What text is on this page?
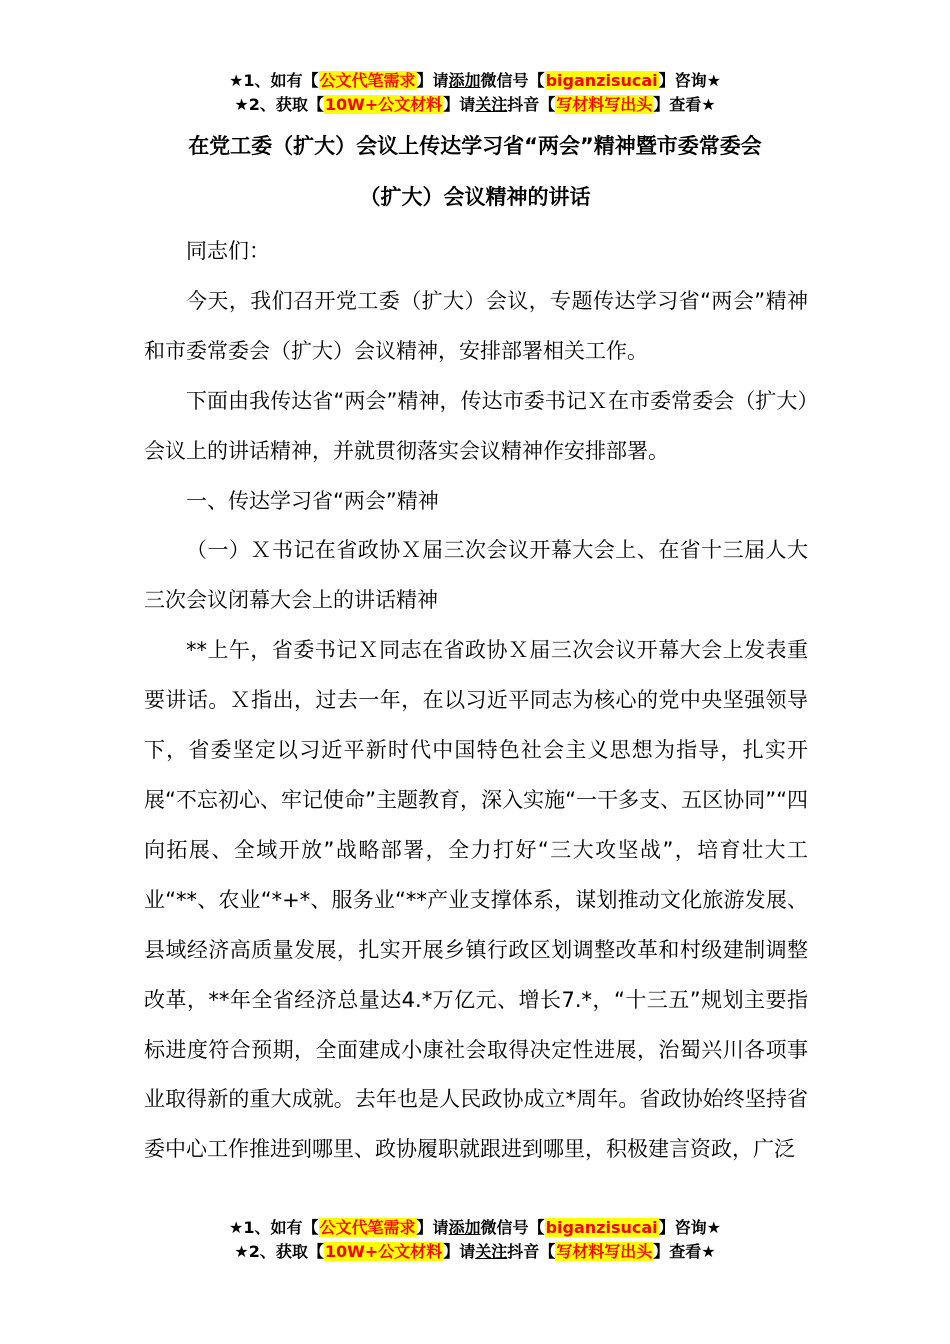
★1、如有【公文代笔需求】请添加微信号【biganzisucai】咨询★
★2、获取【10W+公文材料】请关注抖音【写材料写出头】查看★
在党工委（扩大）会议上传达学习省“两会”精神暨市委常委会
（扩大）会议精神的讲话

同志们：

今天，我们召开党工委（扩大）会议，专题传达学习省“两会”精神和市委常委会（扩大）会议精神，安排部署相关工作。

下面由我传达省“两会”精神，传达市委书记Ｘ在市委常委会（扩大）会议上的讲话精神，并就贯彻落实会议精神作安排部署。

一、传达学习省“两会”精神

（一）Ｘ书记在省政协Ｘ届三次会议开幕大会上、在省十三届人大三次会议闭幕大会上的讲话精神

**上午，省委书记Ｘ同志在省政协Ｘ届三次会议开幕大会上发表重要讲话。Ｘ指出，过去一年，在以习近平同志为核心的党中央坚强领导下，省委坚定以习近平新时代中国特色社会主义思想为指导，扎实开展“不忘初心、牢记使命”主题教育，深入实施“一干多支、五区协同”“四向拓展、全域开放”战略部署，全力打好“三大攻坚战”，培育壮大工业“**、农业“*+*、服务业“**产业支撑体系，谋划推动文化旅游发展、县域经济高质量发展，扎实开展乡镇行政区划调整改革和村级建制调整改革，**年全省经济总量达4.*万亿元、增长7.*，“十三五”规划主要指标进度符合预期，全面建成小康社会取得决定性进展，治蜀兴川各项事业取得新的重大成就。去年也是人民政协成立*周年。省政协始终坚持省委中心工作推进到哪里、政协履职就跟进到哪里，积极建言资政，广泛

★1、如有【公文代笔需求】请添加微信号【biganzisucai】咨询★
★2、获取【10W+公文材料】请关注抖音【写材料写出头】查看★
